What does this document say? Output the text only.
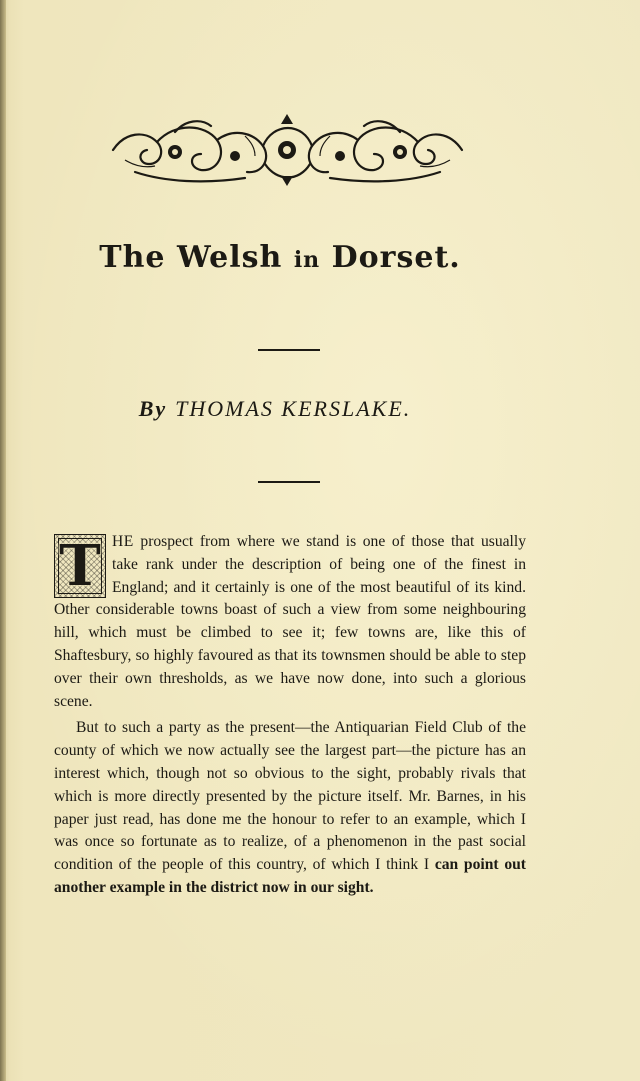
The Welsh in Dorset.
By THOMAS KERSLAKE.

T HE prospect from where we stand is one of those that usually take rank under the description of being one of the finest in England; and it certainly is one of the most beautiful of its kind. Other considerable towns boast of such a view from some neighbouring hill, which must be climbed to see it; few towns are, like this of Shaftesbury, so highly favoured as that its townsmen should be able to step over their own thresholds, as we have now done, into such a glorious scene.

But to such a party as the present—the Antiquarian Field Club of the county of which we now actually see the largest part—the picture has an interest which, though not so obvious to the sight, probably rivals that which is more directly presented by the picture itself. Mr. Barnes, in his paper just read, has done me the honour to refer to an example, which I was once so fortunate as to realize, of a phenomenon in the past social condition of the people of this country, of which I think I can point out another example in the district now in our sight.
